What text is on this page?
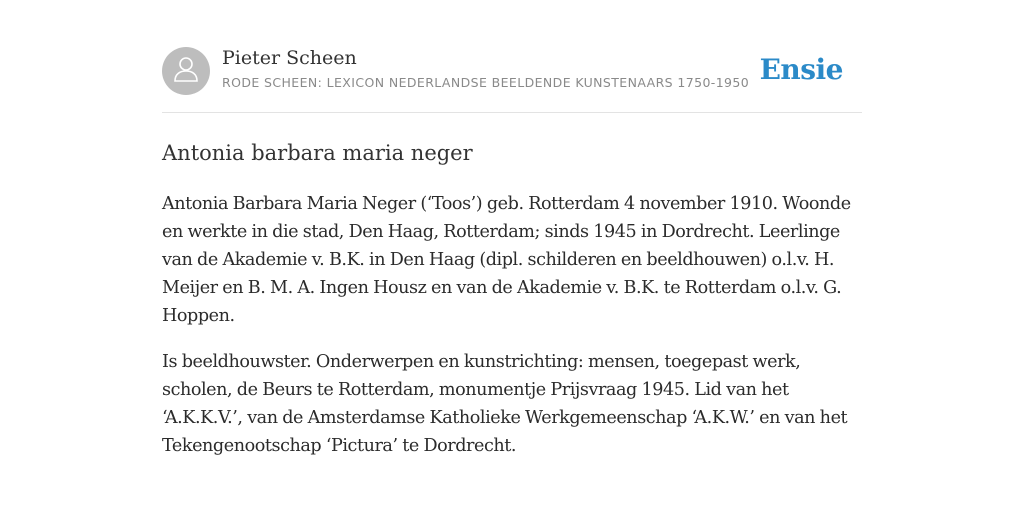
Pieter Scheen
RODE SCHEEN: LEXICON NEDERLANDSE BEELDENDE KUNSTENAARS 1750-1950 Ensie
Antonia barbara maria neger

Antonia Barbara Maria Neger (‘Toos’) geb. Rotterdam 4 november 1910. Woonde en werkte in die stad, Den Haag, Rotterdam; sinds 1945 in Dordrecht. Leerlinge van de Akademie v. B.K. in Den Haag (dipl. schilderen en beeldhouwen) o.l.v. H. Meijer en B. M. A. Ingen Housz en van de Akademie v. B.K. te Rotterdam o.l.v. G. Hoppen.

Is beeldhouwster. Onderwerpen en kunstrichting: mensen, toegepast werk, scholen, de Beurs te Rotterdam, monumentje Prijsvraag 1945. Lid van het ‘A.K.K.V.’, van de Amsterdamse Katholieke Werkgemeenschap ‘A.K.W.’ en van het Tekengenootschap ‘Pictura’ te Dordrecht.
